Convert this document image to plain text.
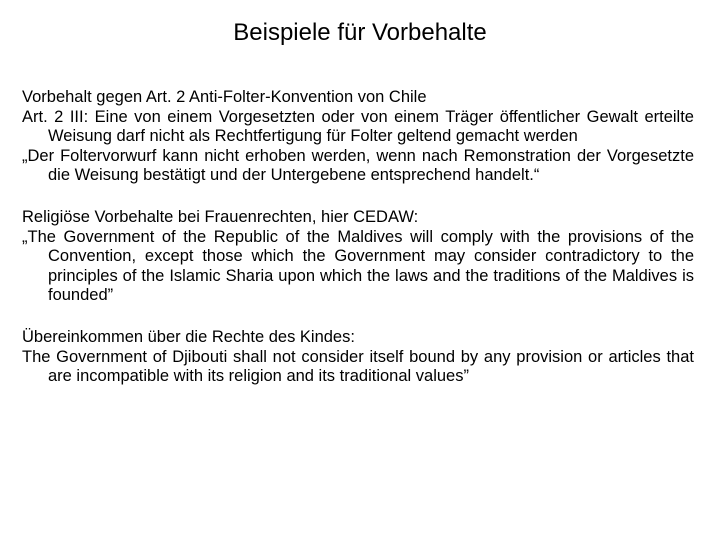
Beispiele für Vorbehalte

Vorbehalt gegen Art. 2 Anti-Folter-Konvention von Chile

Art. 2 III: Eine von einem Vorgesetzten oder von einem Träger öffentlicher Gewalt erteilte Weisung darf nicht als Rechtfertigung für Folter geltend gemacht werden

„Der Foltervorwurf kann nicht erhoben werden, wenn nach Remonstration der Vorgesetzte die Weisung bestätigt und der Untergebene entsprechend handelt.“

Religiöse Vorbehalte bei Frauenrechten, hier CEDAW:

„The Government of the Republic of the Maldives will comply with the provisions of the Convention, except those which the Government may consider contradictory to the principles of the Islamic Sharia upon which the laws and the traditions of the Maldives is founded”

Übereinkommen über die Rechte des Kindes:

The Government of Djibouti shall not consider itself bound by any provision or articles that are incompatible with its religion and its traditional values”
